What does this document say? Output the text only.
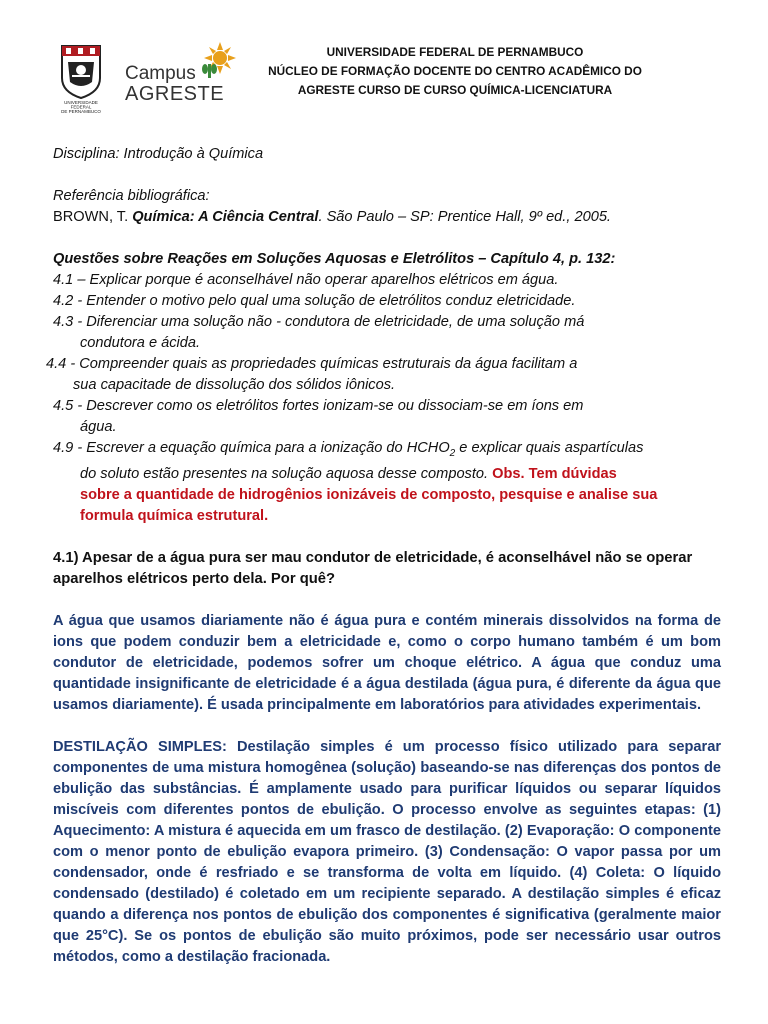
UNIVERSIDADE
FEDERAL
DE PERNAMBUCO
Campus
AGRESTE
UNIVERSIDADE FEDERAL DE PERNAMBUCO
NÚCLEO DE FORMAÇÃO DOCENTE DO CENTRO ACADÊMICO DO
AGRESTE CURSO DE CURSO QUÍMICA-LICENCIATURA

Disciplina: Introdução à Química

Referência bibliográfica:

BROWN, T. Química: A Ciência Central. São Paulo – SP: Prentice Hall, 9º ed., 2005.

Questões sobre Reações em Soluções Aquosas e Eletrólitos – Capítulo 4, p. 132:

4.1 – Explicar porque é aconselhável não operar aparelhos elétricos em água.

4.2 - Entender o motivo pelo qual uma solução de eletrólitos conduz eletricidade.

4.3 - Diferenciar uma solução não - condutora de eletricidade, de uma solução má
condutora e ácida.

4.4 - Compreender quais as propriedades químicas estruturais da água facilitam a
sua capacitade de dissolução dos sólidos iônicos.

4.5 - Descrever como os eletrólitos fortes ionizam-se ou dissociam-se em íons em
água.

4.9 - Escrever a equação química para a ionização do $HCHO_2$ e explicar quais aspartículas
do soluto estão presentes na solução aquosa desse composto. Obs. Tem dúvidas
sobre a quantidade de hidrogênios ionizáveis de composto, pesquise e analise sua
formula química estrutural.

4.1) Apesar de a água pura ser mau condutor de eletricidade, é aconselhável não se operar aparelhos elétricos perto dela. Por quê?

A água que usamos diariamente não é água pura e contém minerais dissolvidos na forma de ions que podem conduzir bem a eletricidade e, como o corpo humano também é um bom condutor de eletricidade, podemos sofrer um choque elétrico. A água que conduz uma quantidade insignificante de eletricidade é a água destilada (água pura, é diferente da água que usamos diariamente). É usada principalmente em laboratórios para atividades experimentais.

DESTILAÇÃO SIMPLES: Destilação simples é um processo físico utilizado para separar componentes de uma mistura homogênea (solução) baseando-se nas diferenças dos pontos de ebulição das substâncias. É amplamente usado para purificar líquidos ou separar líquidos miscíveis com diferentes pontos de ebulição. O processo envolve as seguintes etapas: (1) Aquecimento: A mistura é aquecida em um frasco de destilação. (2) Evaporação: O componente com o menor ponto de ebulição evapora primeiro. (3) Condensação: O vapor passa por um condensador, onde é resfriado e se transforma de volta em líquido. (4) Coleta: O líquido condensado (destilado) é coletado em um recipiente separado. A destilação simples é eficaz quando a diferença nos pontos de ebulição dos componentes é significativa (geralmente maior que 25°C). Se os pontos de ebulição são muito próximos, pode ser necessário usar outros métodos, como a destilação fracionada.
